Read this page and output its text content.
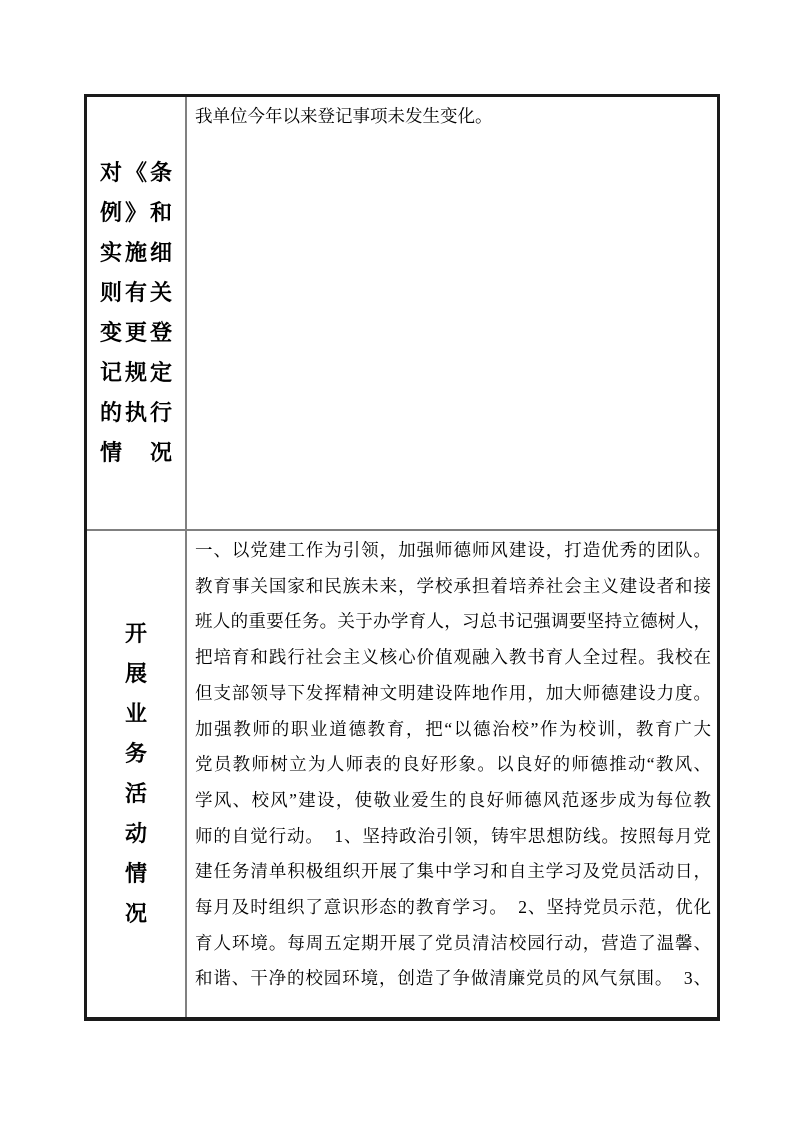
对《条
例》和
实施细
则有关
变更登
记规定
的执行
情况
我单位今年以来登记事项未发生变化。
开
展
业
务
活
动
情
况
一、以党建工作为引领，加强师德师风建设，打造优秀的团队。
教育事关国家和民族未来，学校承担着培养社会主义建设者和接
班人的重要任务。关于办学育人，习总书记强调要坚持立德树人，
把培育和践行社会主义核心价值观融入教书育人全过程。我校在
但支部领导下发挥精神文明建设阵地作用，加大师德建设力度。
加强教师的职业道德教育，把“以德治校”作为校训，教育广大
党员教师树立为人师表的良好形象。以良好的师德推动“教风、
学风、校风”建设，使敬业爱生的良好师德风范逐步成为每位教
师的自觉行动。  1、坚持政治引领，铸牢思想防线。按照每月党
建任务清单积极组织开展了集中学习和自主学习及党员活动日，
每月及时组织了意识形态的教育学习。  2、坚持党员示范，优化
育人环境。每周五定期开展了党员清洁校园行动，营造了温馨、
和谐、干净的校园环境，创造了争做清廉党员的风气氛围。  3、
